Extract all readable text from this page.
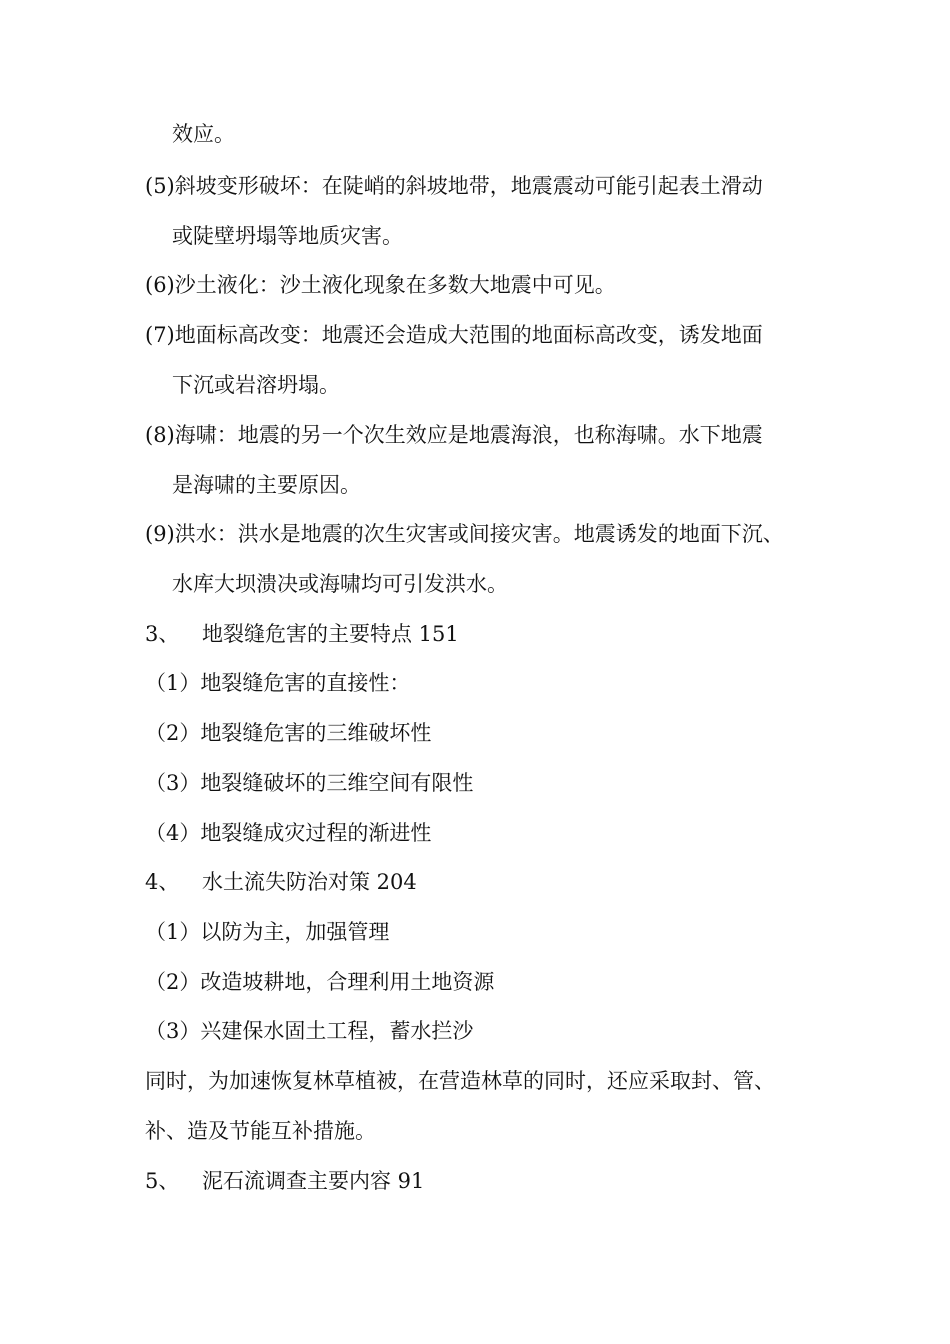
效应。
(5)斜坡变形破坏：在陡峭的斜坡地带，地震震动可能引起表土滑动
或陡壁坍塌等地质灾害。
(6)沙土液化：沙土液化现象在多数大地震中可见。
(7)地面标高改变：地震还会造成大范围的地面标高改变，诱发地面
下沉或岩溶坍塌。
(8)海啸：地震的另一个次生效应是地震海浪，也称海啸。水下地震
是海啸的主要原因。
(9)洪水：洪水是地震的次生灾害或间接灾害。地震诱发的地面下沉、
水库大坝溃决或海啸均可引发洪水。
3、 地裂缝危害的主要特点 151
（1）地裂缝危害的直接性：
（2）地裂缝危害的三维破坏性
（3）地裂缝破坏的三维空间有限性
（4）地裂缝成灾过程的渐进性
4、 水土流失防治对策 204
（1）以防为主，加强管理
（2）改造坡耕地，合理利用土地资源
（3）兴建保水固土工程，蓄水拦沙
同时，为加速恢复林草植被，在营造林草的同时，还应采取封、管、
补、造及节能互补措施。
5、 泥石流调查主要内容 91
